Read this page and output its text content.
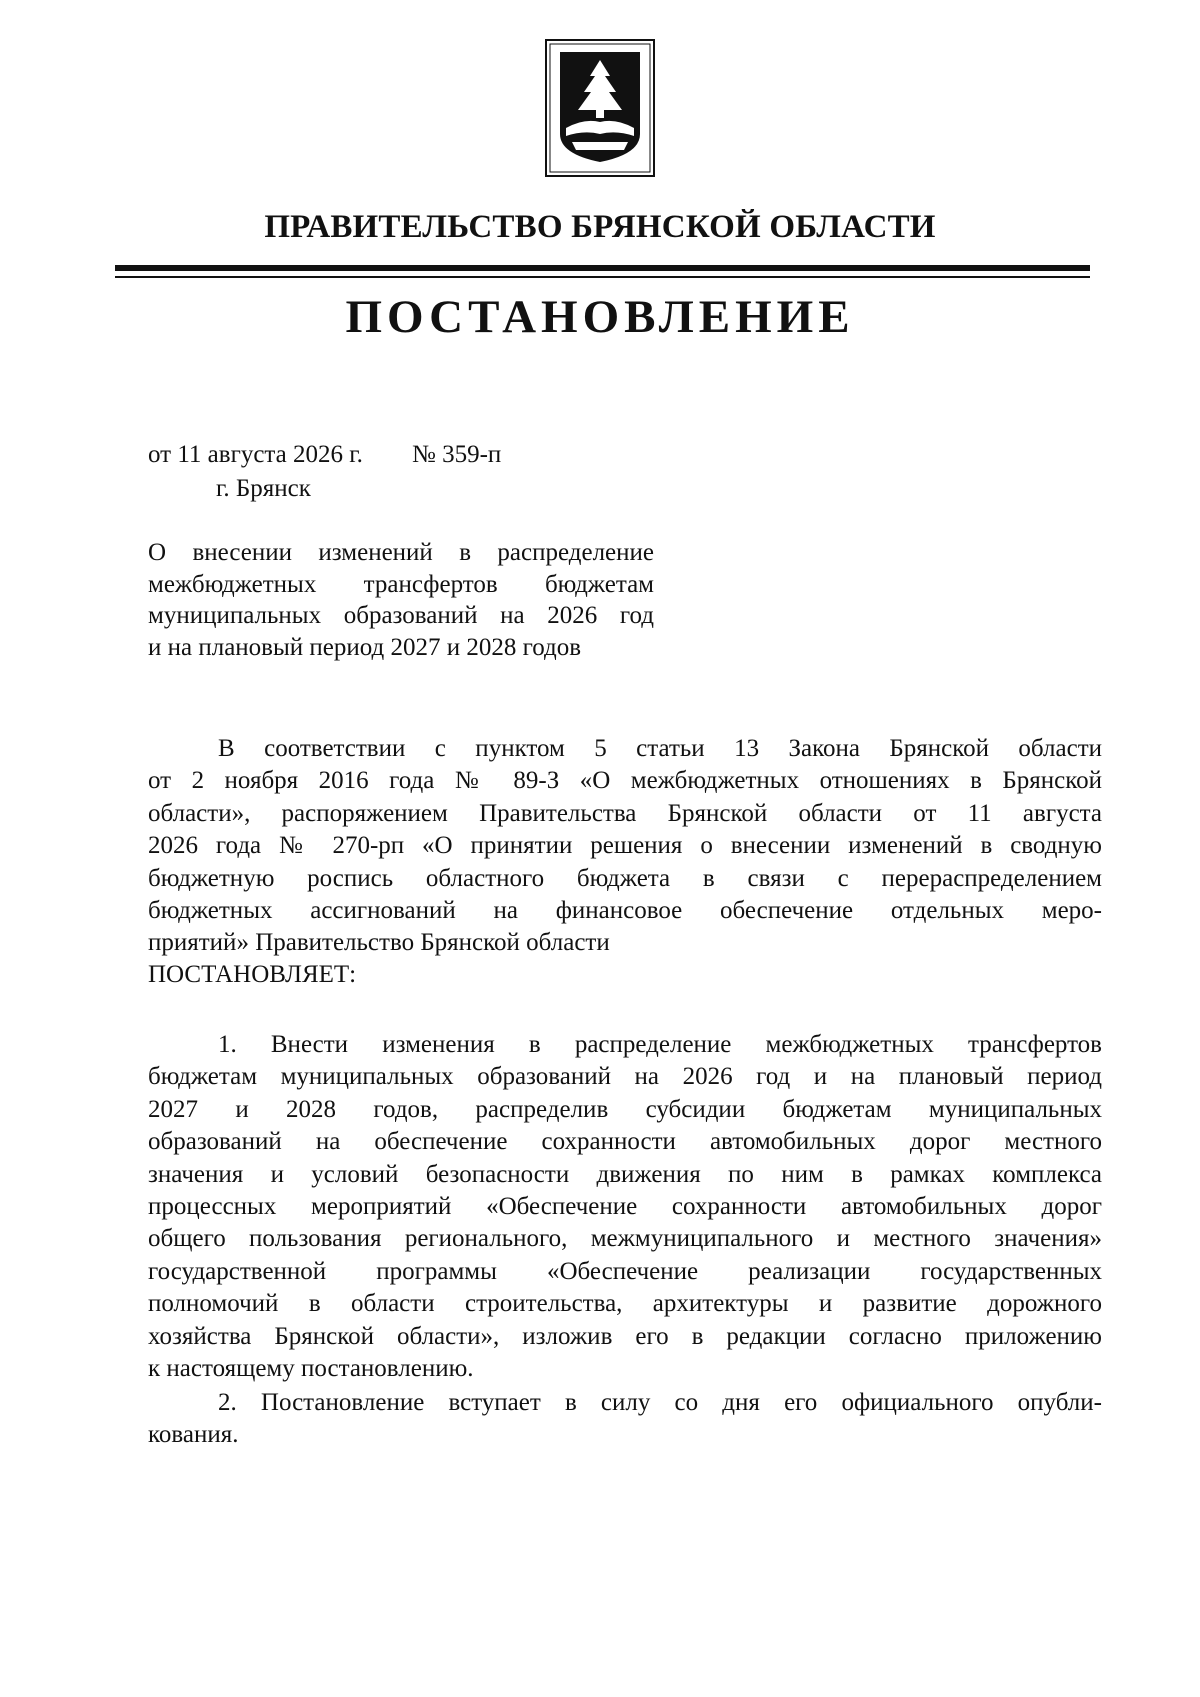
ПРАВИТЕЛЬСТВО БРЯНСКОЙ ОБЛАСТИ
ПОСТАНОВЛЕНИЕ
от 11 августа 2026 г. № 359-п
г. Брянск
О внесении изменений в распределение
межбюджетных трансфертов бюджетам
муниципальных образований на 2026 год
и на плановый период 2027 и 2028 годов
В соответствии с пунктом 5 статьи 13 Закона Брянской области
от 2 ноября 2016 года № 89-З «О межбюджетных отношениях в Брянской
области», распоряжением Правительства Брянской области от 11 августа
2026 года № 270-рп «О принятии решения о внесении изменений в сводную
бюджетную роспись областного бюджета в связи с перераспределением
бюджетных ассигнований на финансовое обеспечение отдельных меро-
приятий» Правительство Брянской области
ПОСТАНОВЛЯЕТ:
1. Внести изменения в распределение межбюджетных трансфертов
бюджетам муниципальных образований на 2026 год и на плановый период
2027 и 2028 годов, распределив субсидии бюджетам муниципальных
образований на обеспечение сохранности автомобильных дорог местного
значения и условий безопасности движения по ним в рамках комплекса
процессных мероприятий «Обеспечение сохранности автомобильных дорог
общего пользования регионального, межмуниципального и местного значения»
государственной программы «Обеспечение реализации государственных
полномочий в области строительства, архитектуры и развитие дорожного
хозяйства Брянской области», изложив его в редакции согласно приложению
к настоящему постановлению.
2. Постановление вступает в силу со дня его официального опубли-
кования.
